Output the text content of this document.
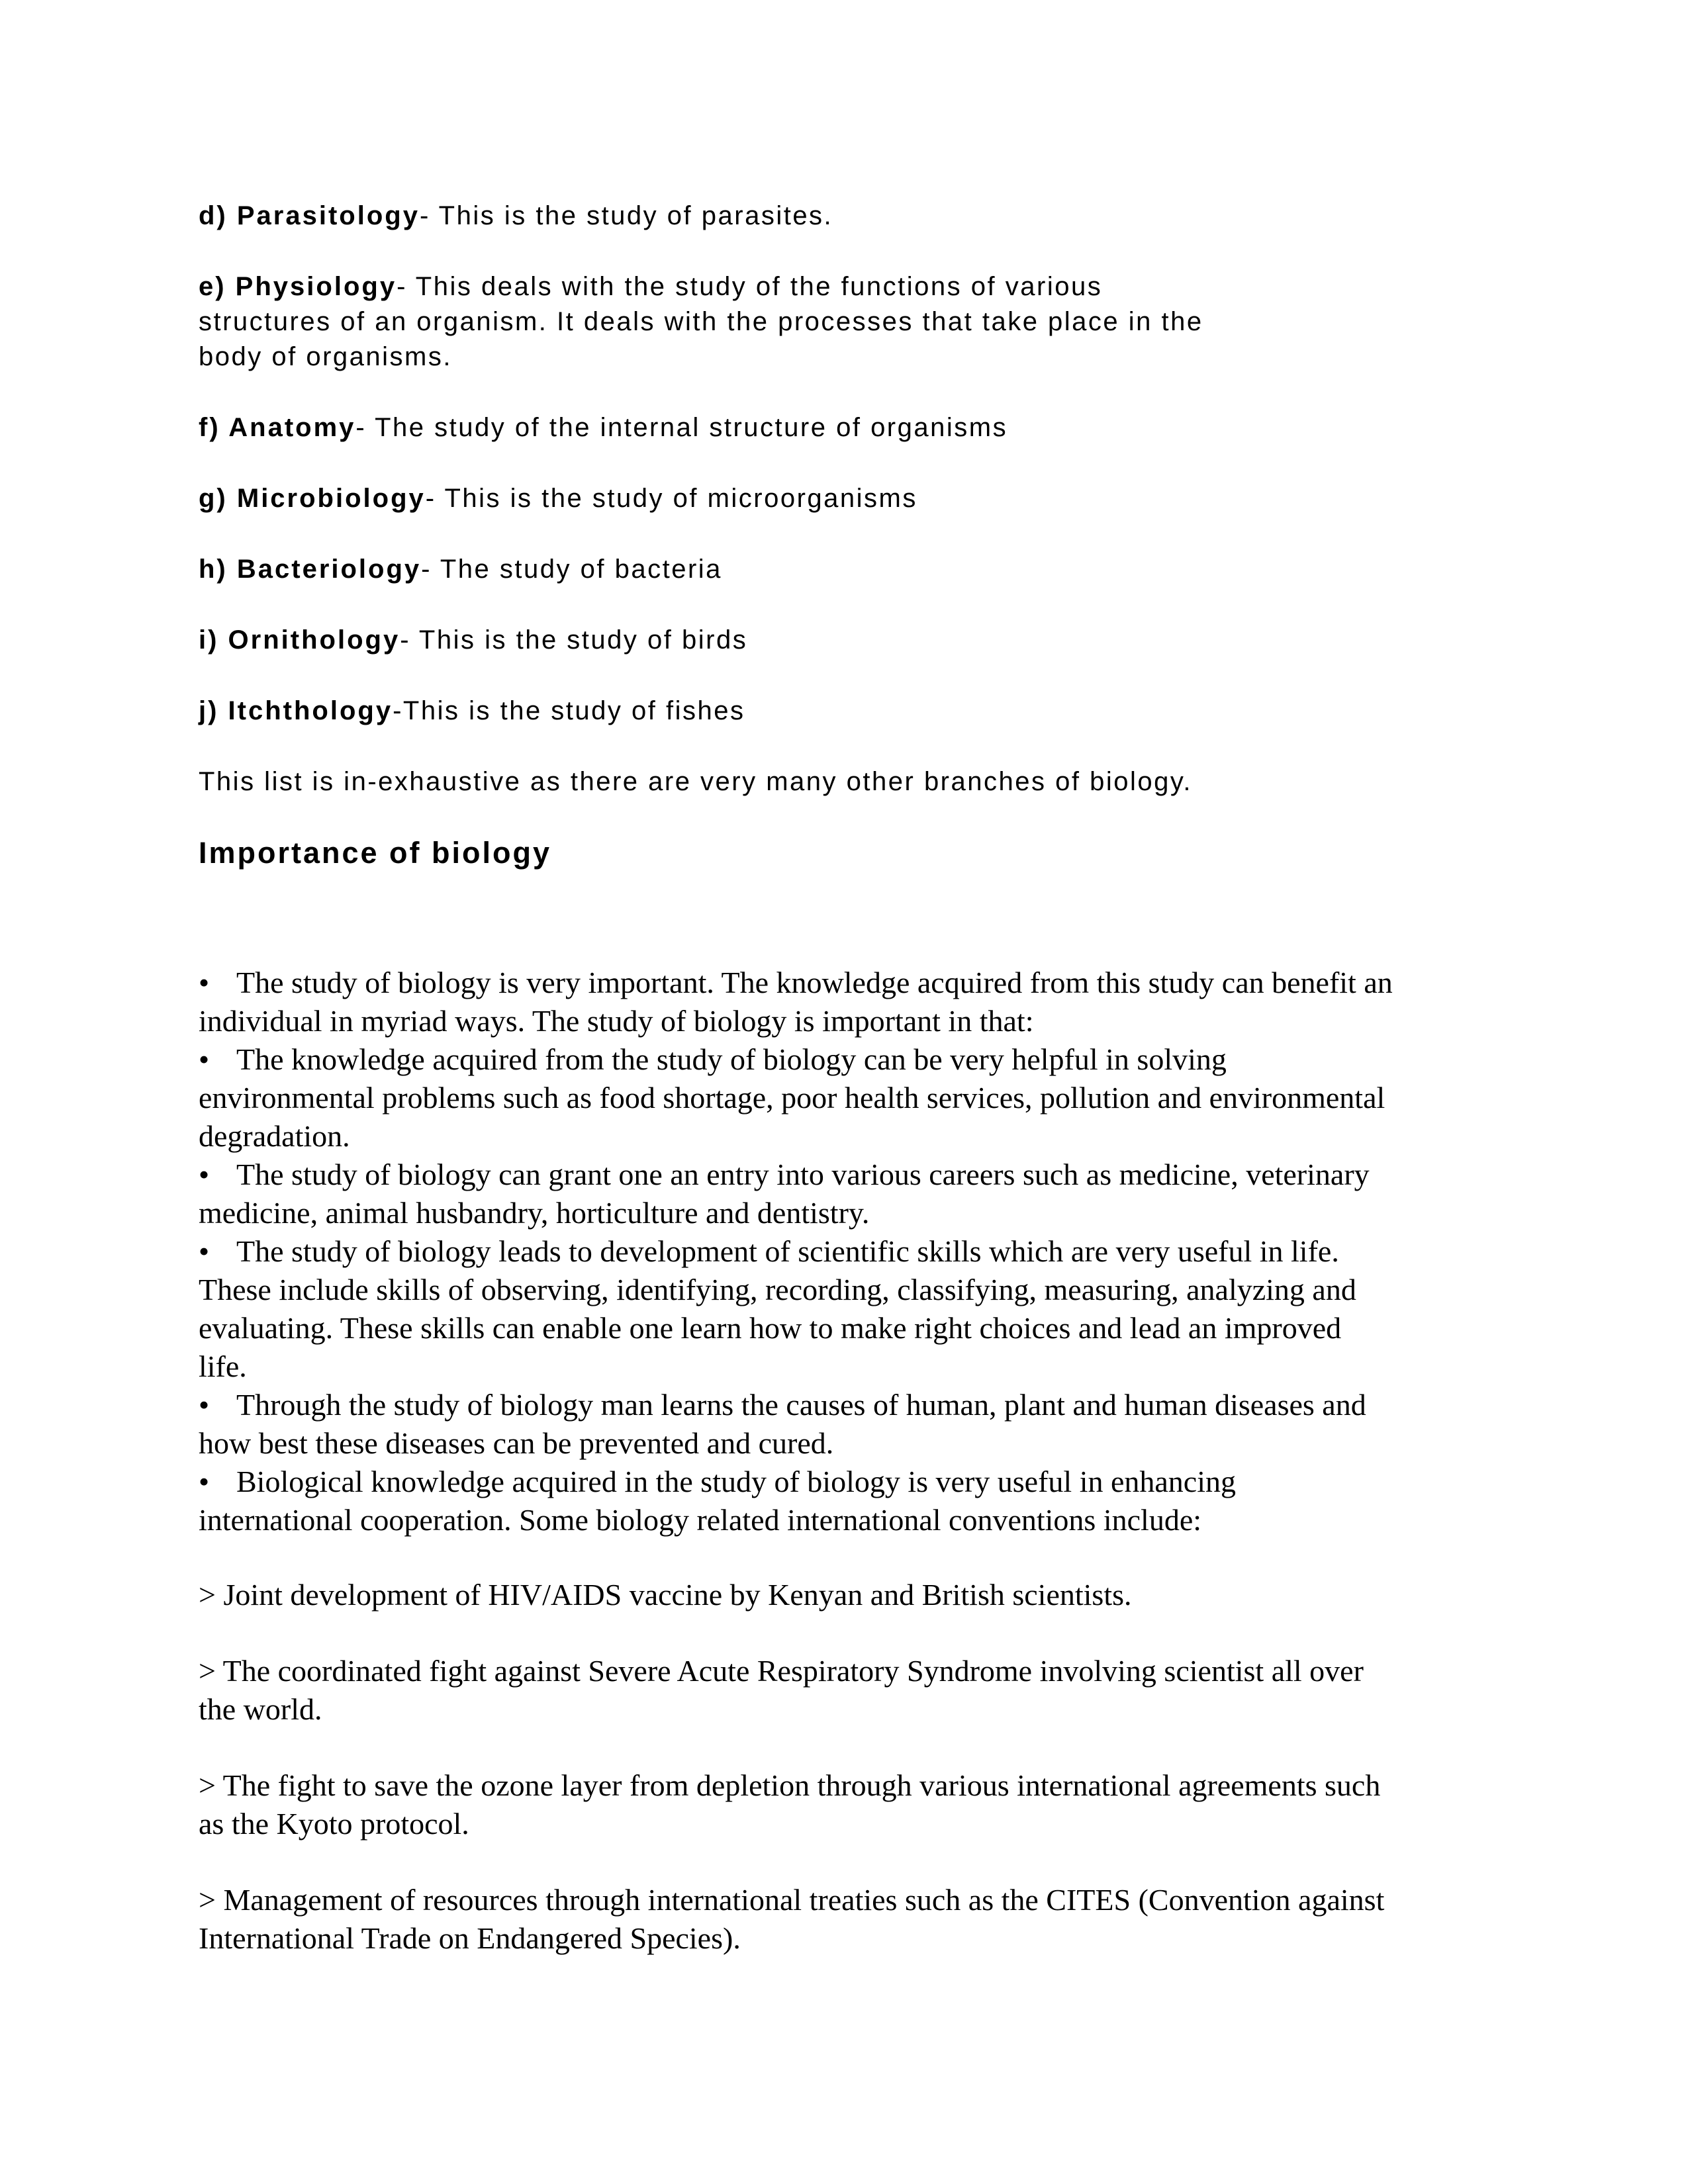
d) Parasitology- This is the study of parasites.

e) Physiology- This deals with the study of the functions of various
structures of an organism. It deals with the processes that take place in the
body of organisms.

f) Anatomy- The study of the internal structure of organisms

g) Microbiology- This is the study of microorganisms

h) Bacteriology- The study of bacteria

i) Ornithology- This is the study of birds

j) Itchthology-This is the study of fishes

This list is in-exhaustive as there are very many other branches of biology.

Importance of biology

• The study of biology is very important. The knowledge acquired from this study can benefit an
individual in myriad ways. The study of biology is important in that:

• The knowledge acquired from the study of biology can be very helpful in solving
environmental problems such as food shortage, poor health services, pollution and environmental
degradation.

• The study of biology can grant one an entry into various careers such as medicine, veterinary
medicine, animal husbandry, horticulture and dentistry.

• The study of biology leads to development of scientific skills which are very useful in life.
These include skills of observing, identifying, recording, classifying, measuring, analyzing and
evaluating. These skills can enable one learn how to make right choices and lead an improved
life.

• Through the study of biology man learns the causes of human, plant and human diseases and
how best these diseases can be prevented and cured.

• Biological knowledge acquired in the study of biology is very useful in enhancing
international cooperation. Some biology related international conventions include:

> Joint development of HIV/AIDS vaccine by Kenyan and British scientists.

> The coordinated fight against Severe Acute Respiratory Syndrome involving scientist all over
the world.

> The fight to save the ozone layer from depletion through various international agreements such
as the Kyoto protocol.

> Management of resources through international treaties such as the CITES (Convention against
International Trade on Endangered Species).
